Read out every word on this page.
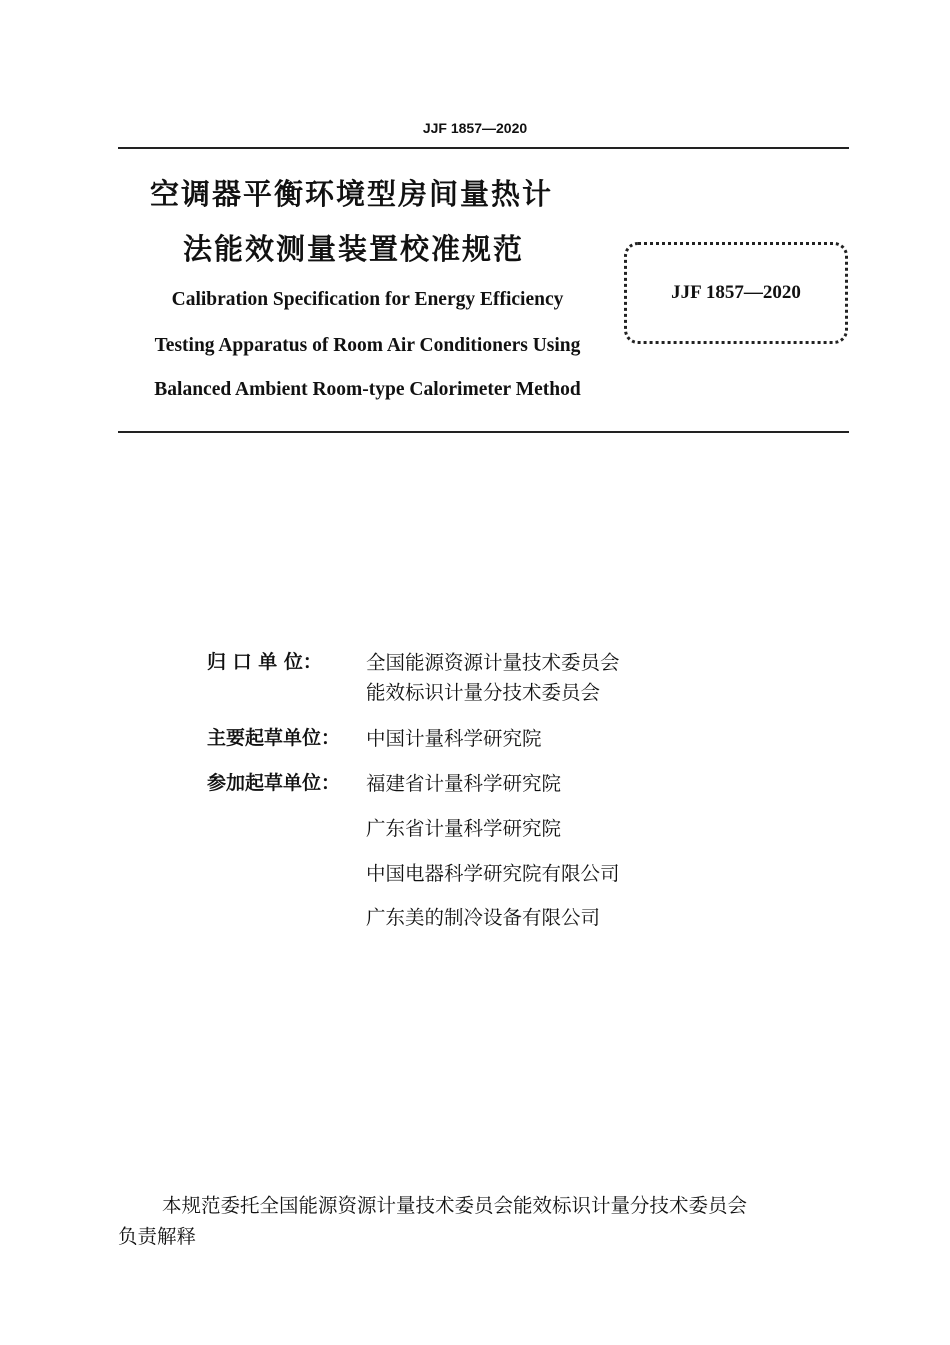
JJF 1857—2020
空调器平衡环境型房间量热计
法能效测量装置校准规范
Calibration Specification for Energy Efficiency
Testing Apparatus of Room Air Conditioners Using
Balanced Ambient Room-type Calorimeter Method
JJF 1857—2020
归 口 单 位： 全国能源资源计量技术委员会
能效标识计量分技术委员会
主要起草单位： 中国计量科学研究院
参加起草单位： 福建省计量科学研究院
广东省计量科学研究院
中国电器科学研究院有限公司
广东美的制冷设备有限公司
本规范委托全国能源资源计量技术委员会能效标识计量分技术委员会
负责解释
